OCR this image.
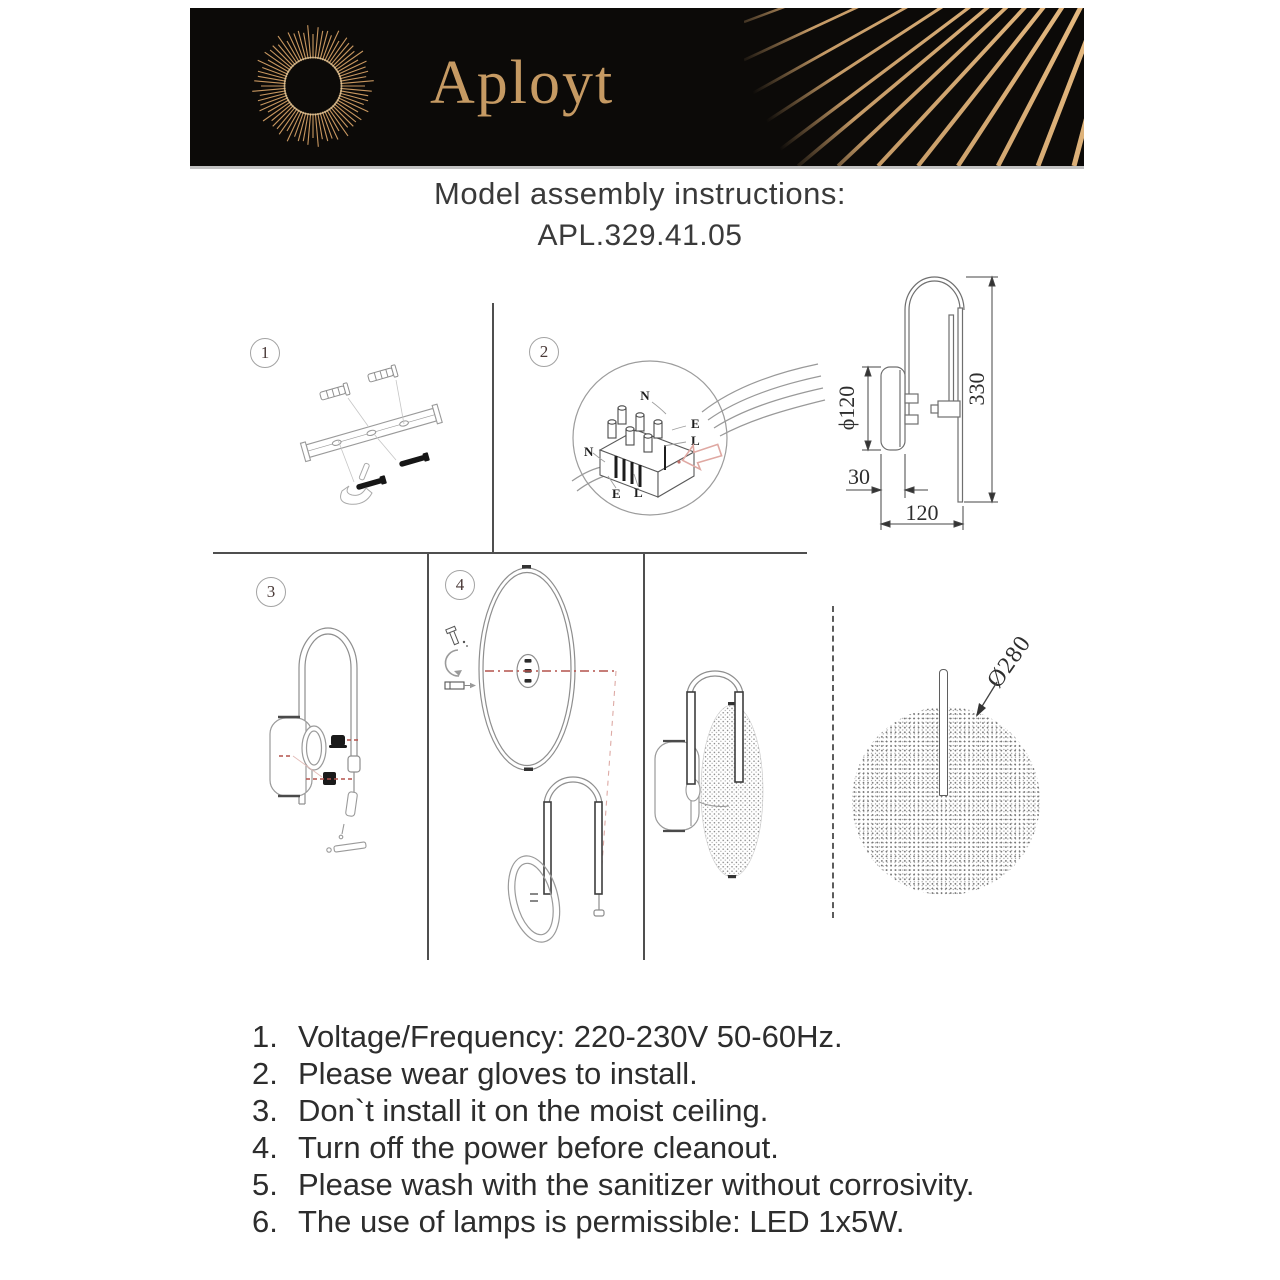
Aployt
Model assembly instructions:
APL.329.41.05
1	2
3	4
N
E
L
N
E L
ϕ120	330
30
120
Ø280
1. Voltage/Frequency: 220-230V 50-60Hz.
2. Please wear gloves to install.
3. Don`t install it on the moist ceiling.
4. Turn off the power before cleanout.
5. Please wash with the sanitizer without corrosivity.
6. The use of lamps is permissible: LED 1x5W.
